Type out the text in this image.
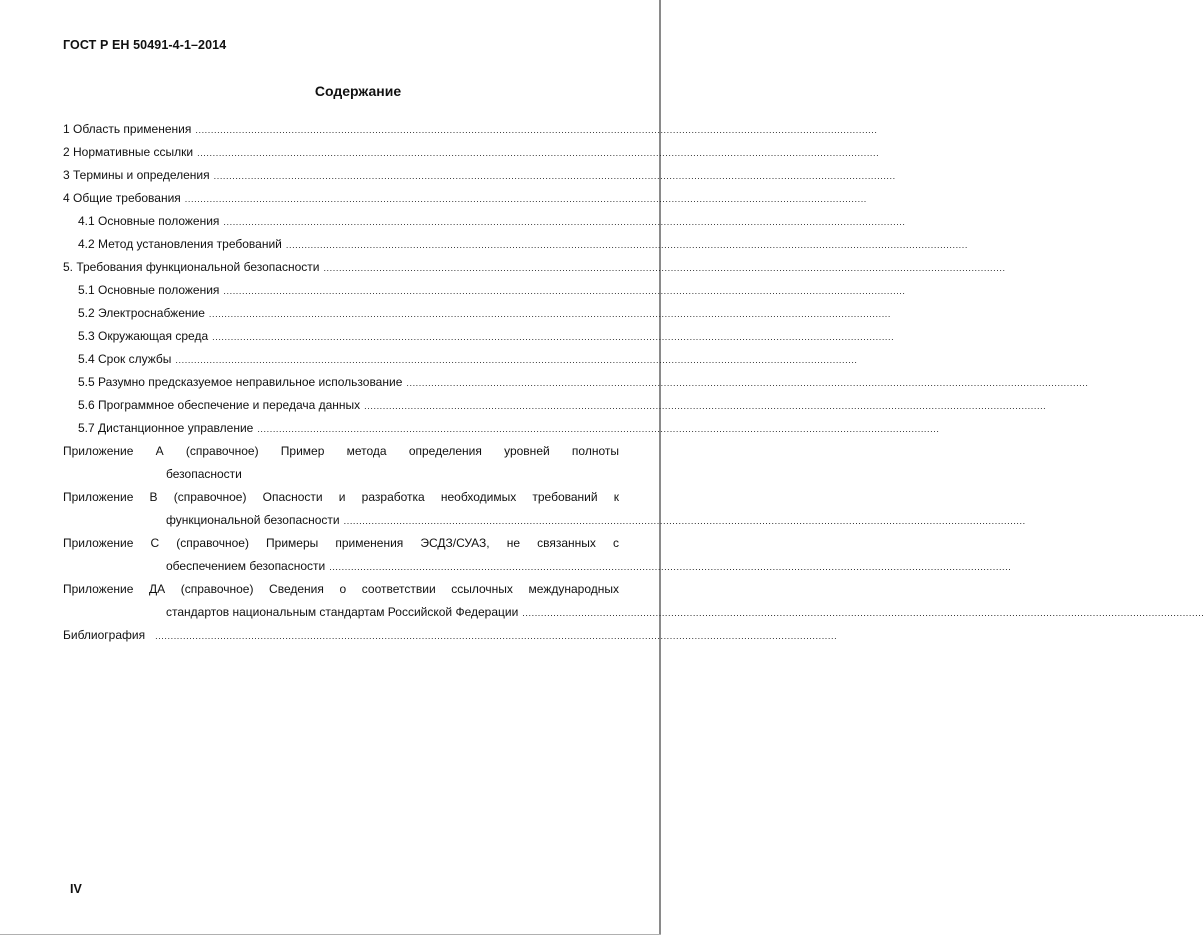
ГОСТ Р ЕН 50491-4-1–2014
Содержание
1 Область применения ............................................................................................................................................................................................................................
2 Нормативные ссылки ............................................................................................................................................................................................................................
3 Термины и определения ............................................................................................................................................................................................................................
4 Общие требования ............................................................................................................................................................................................................................
4.1 Основные положения ............................................................................................................................................................................................................................
4.2 Метод установления требований ............................................................................................................................................................................................................................
5. Требования функциональной безопасности ............................................................................................................................................................................................................................
5.1 Основные положения ............................................................................................................................................................................................................................
5.2 Электроснабжение ............................................................................................................................................................................................................................
5.3 Окружающая среда ............................................................................................................................................................................................................................
5.4 Срок службы ............................................................................................................................................................................................................................
5.5 Разумно предсказуемое неправильное использование ............................................................................................................................................................................................................................
5.6 Программное обеспечение и передача данных ............................................................................................................................................................................................................................
5.7 Дистанционное управление ............................................................................................................................................................................................................................
Приложение А (справочное) Пример метода определения уровней полноты
безопасности
Приложение В (справочное) Опасности и разработка необходимых требований к
функциональной безопасности ............................................................................................................................................................................................................................
Приложение С (справочное) Примеры применения ЭСДЗ/СУАЗ, не связанных с
обеспечением безопасности ............................................................................................................................................................................................................................
Приложение ДА (справочное) Сведения о соответствии ссылочных международных
стандартов национальным стандартам Российской Федерации ............................................................................................................................................................................................................................
Библиография	............................................................................................................................................................................................................................
IV
